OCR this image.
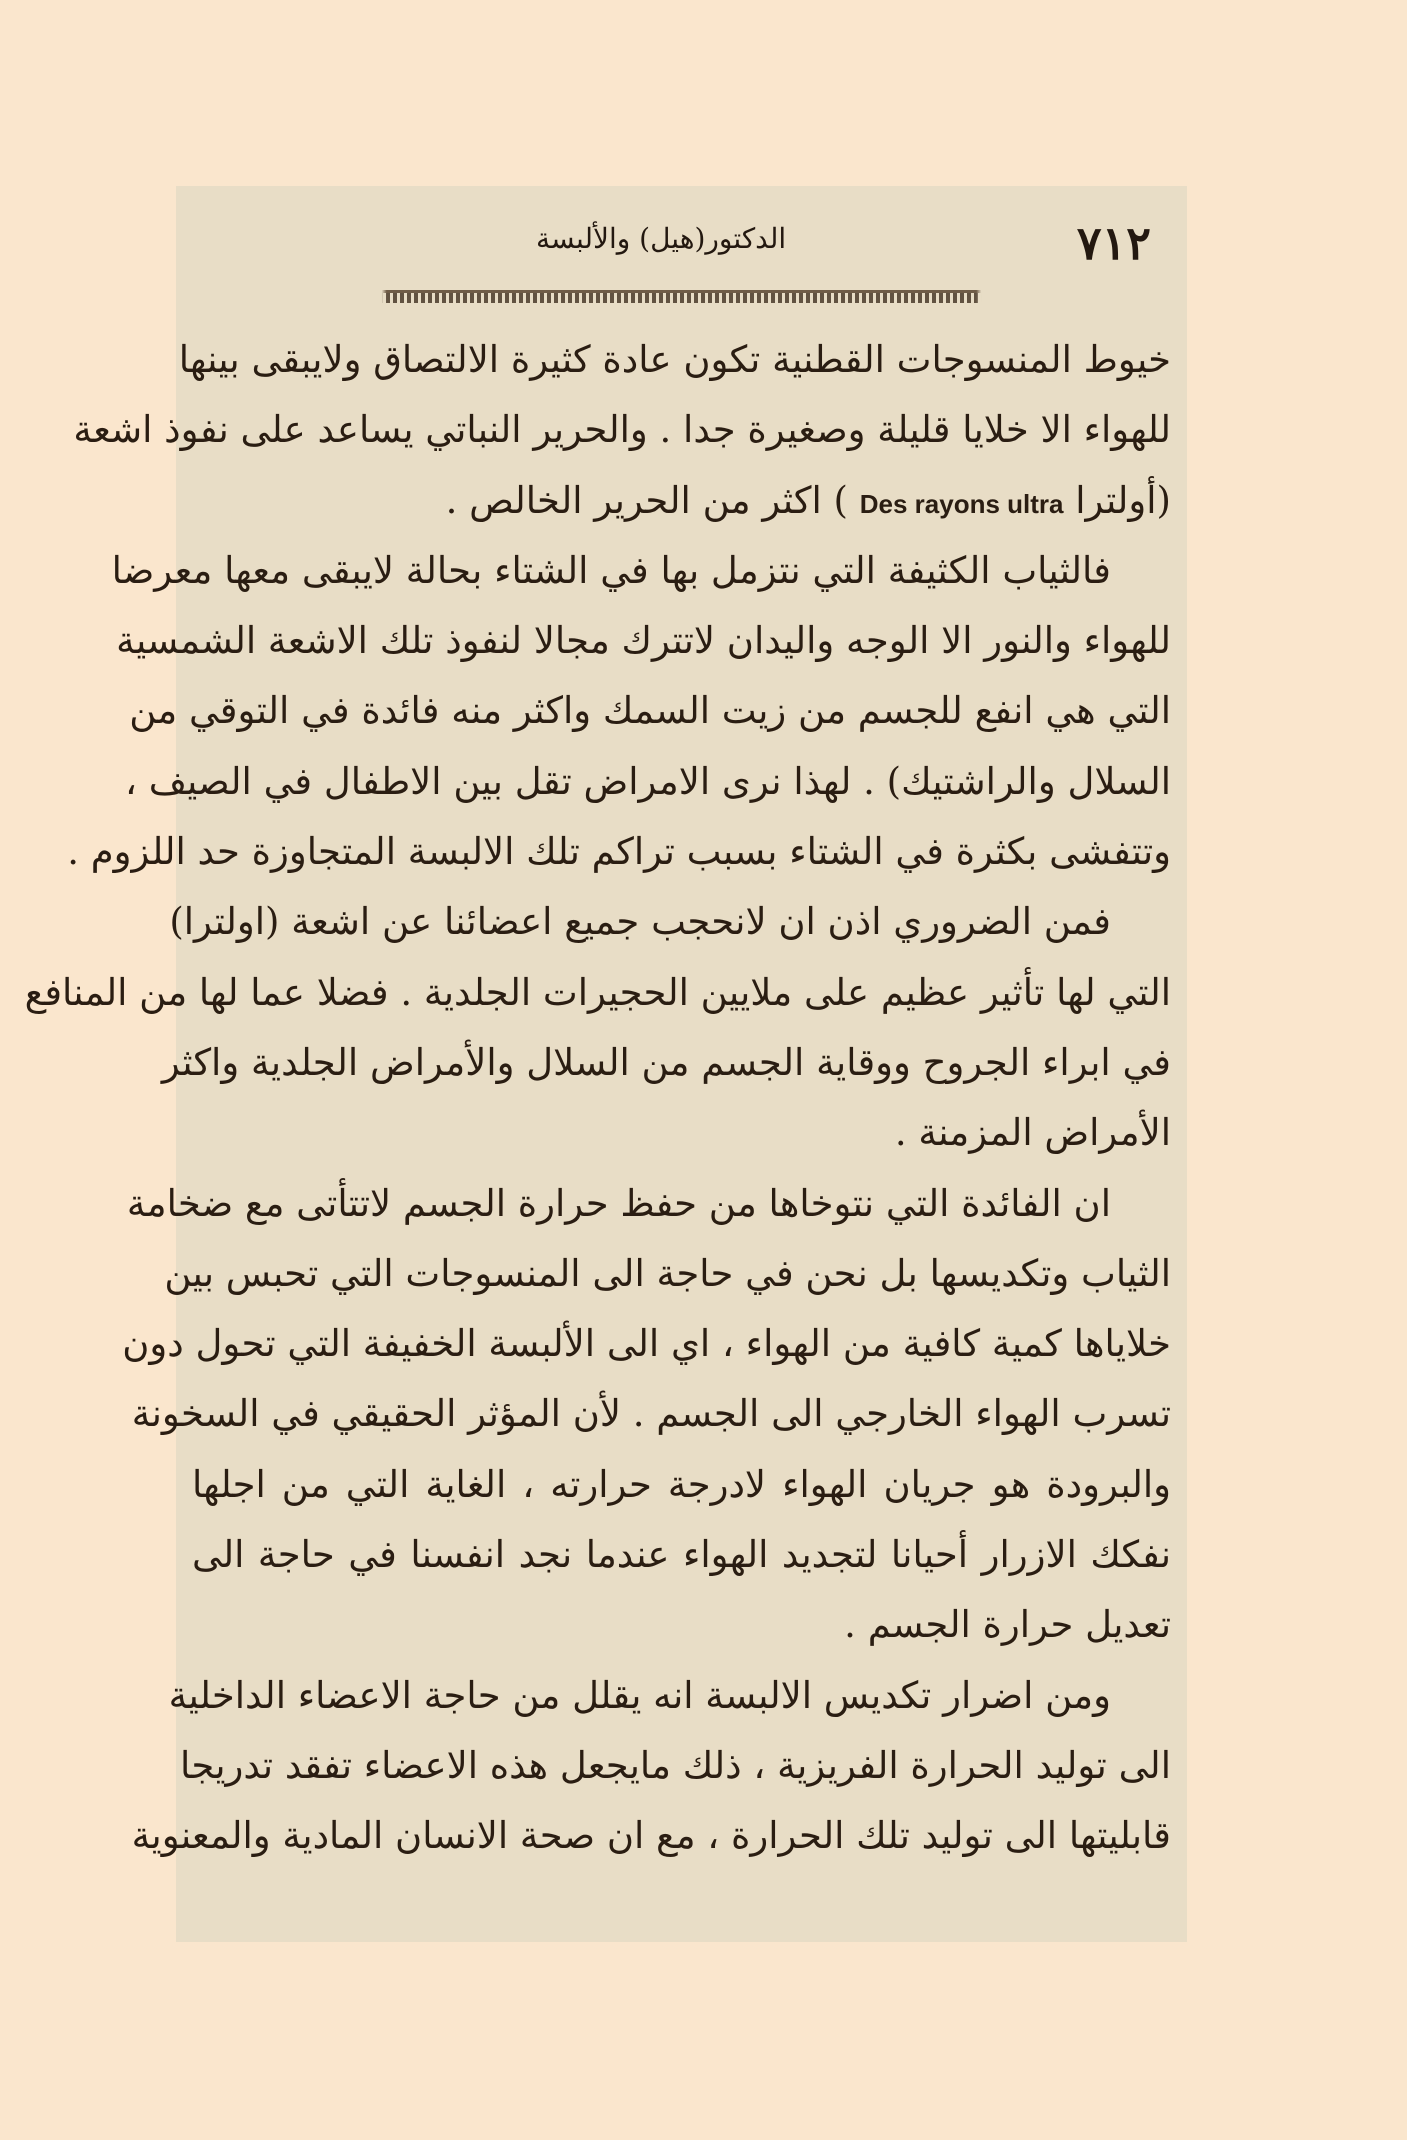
٧١٢
الدكتور(هيل) والألبسة
خيوط المنسوجات القطنية تكون عادة كثيرة الالتصاق ولايبقى بينها
للهواء الا خلايا قليلة وصغيرة جدا . والحرير النباتي يساعد على نفوذ اشعة
(أولترا Des rayons ultra ) اكثر من الحرير الخالص .
فالثياب الكثيفة التي نتزمل بها في الشتاء بحالة لايبقى معها معرضا
للهواء والنور الا الوجه واليدان لاتترك مجالا لنفوذ تلك الاشعة الشمسية
التي هي انفع للجسم من زيت السمك واكثر منه فائدة في التوقي من
السلال والراشتيك) . لهذا نرى الامراض تقل بين الاطفال في الصيف ،
وتتفشى بكثرة في الشتاء بسبب تراكم تلك الالبسة المتجاوزة حد اللزوم .
فمن الضروري اذن ان لانحجب جميع اعضائنا عن اشعة (اولترا)
التي لها تأثير عظيم على ملايين الحجيرات الجلدية . فضلا عما لها من المنافع
في ابراء الجروح ووقاية الجسم من السلال والأمراض الجلدية واكثر
الأمراض المزمنة .
ان الفائدة التي نتوخاها من حفظ حرارة الجسم لاتتأتى مع ضخامة
الثياب وتكديسها بل نحن في حاجة الى المنسوجات التي تحبس بين
خلاياها كمية كافية من الهواء ، اي الى الألبسة الخفيفة التي تحول دون
تسرب الهواء الخارجي الى الجسم . لأن المؤثر الحقيقي في السخونة
والبرودة هو جريان الهواء لادرجة حرارته ، الغاية التي من اجلها
نفكك الازرار أحيانا لتجديد الهواء عندما نجد انفسنا في حاجة الى
تعديل حرارة الجسم .
ومن اضرار تكديس الالبسة انه يقلل من حاجة الاعضاء الداخلية
الى توليد الحرارة الفريزية ، ذلك مايجعل هذه الاعضاء تفقد تدريجا
قابليتها الى توليد تلك الحرارة ، مع ان صحة الانسان المادية والمعنوية
